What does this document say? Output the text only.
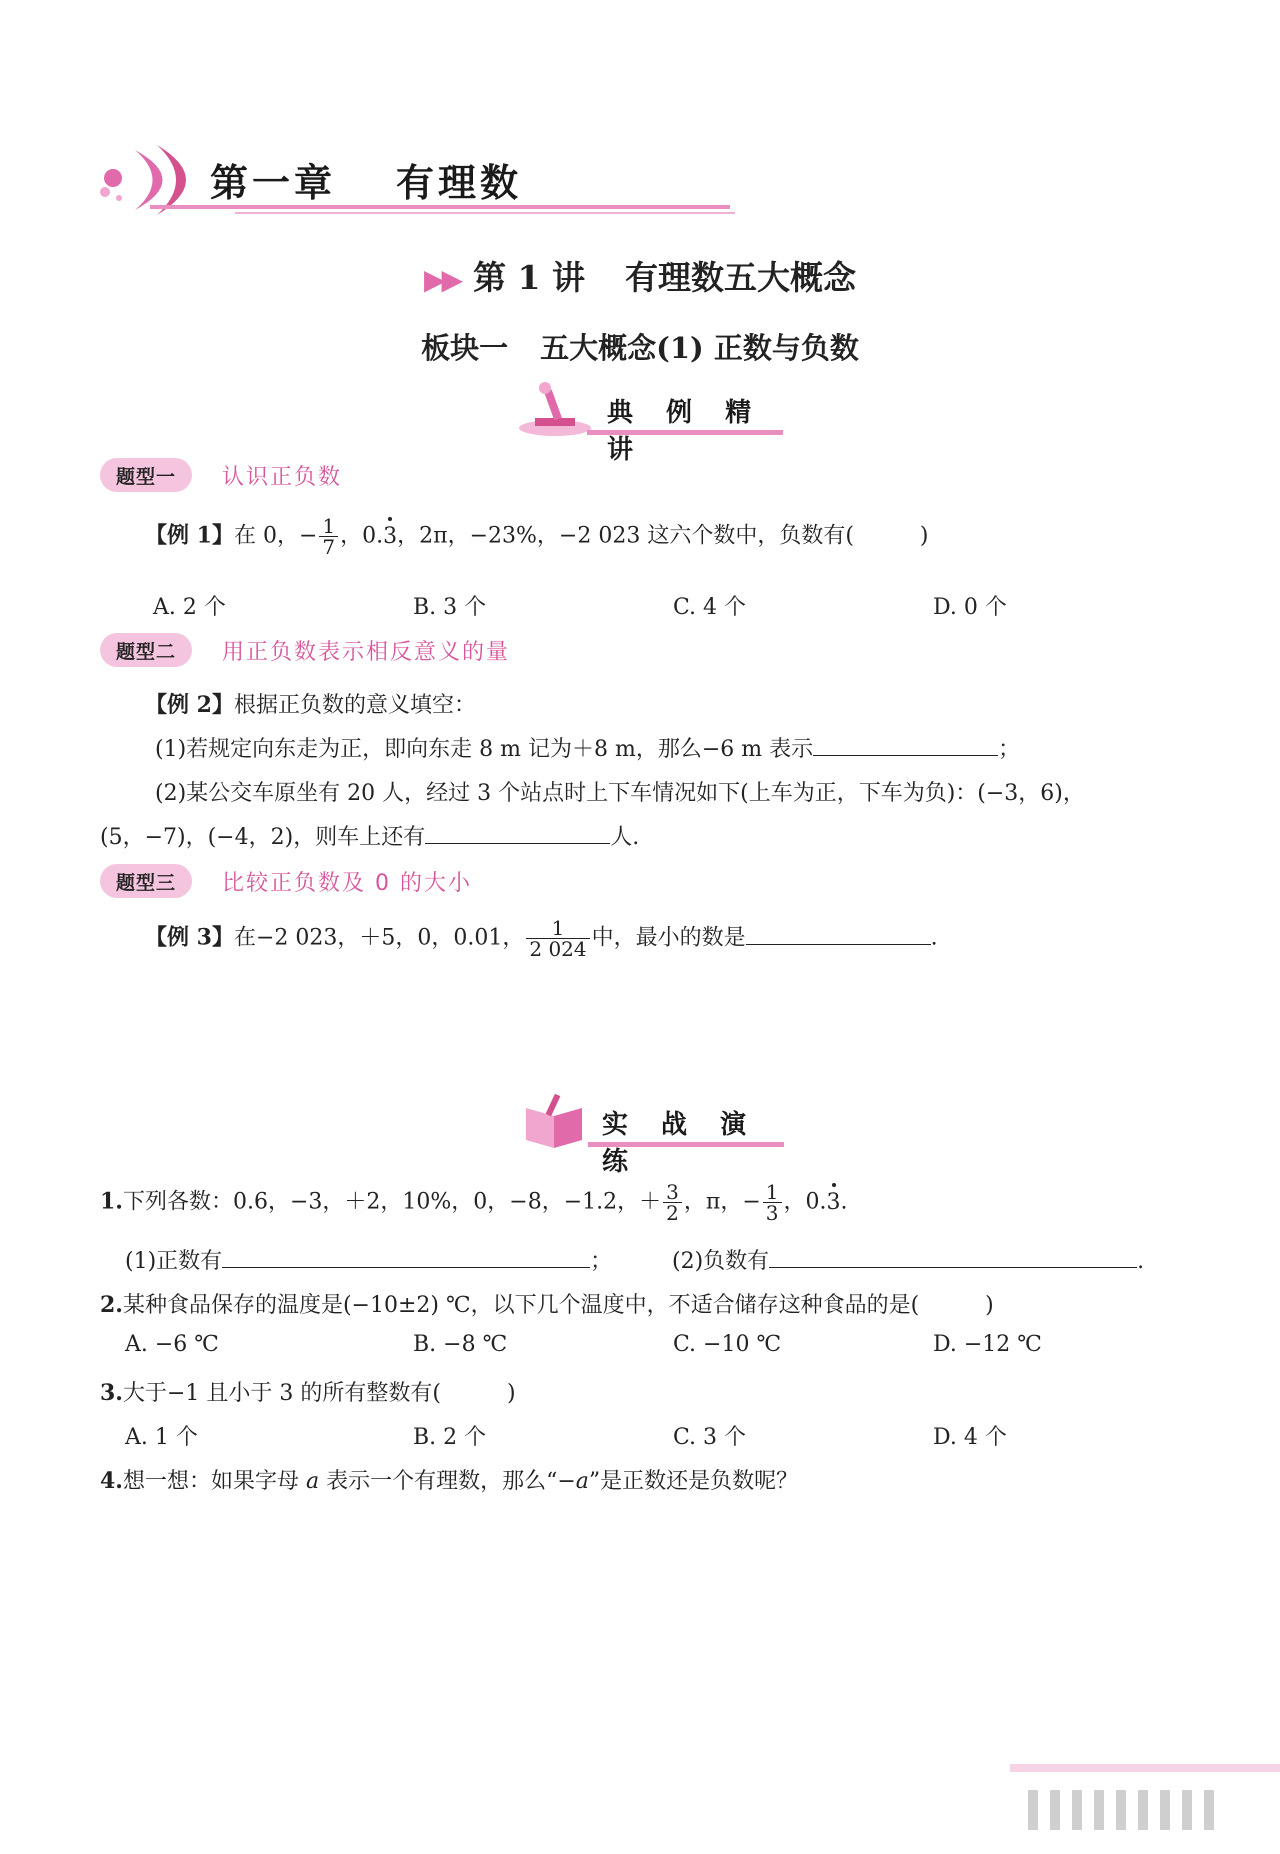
第一章 有理数
▶▶ 第 1 讲 有理数五大概念
板块一 五大概念(1) 正数与负数
典 例 精 讲
题型一	认识正负数
【例 1】在 0，− $\frac{1}{7}$ ，0.3，2π，−23%，−2 023 这六个数中，负数有(　　　)
A. 2 个	B. 3 个	C. 4 个	D. 0 个
题型二	用正负数表示相反意义的量
【例 2】根据正负数的意义填空：
(1)若规定向东走为正，即向东走 8 m 记为＋8 m，那么−6 m 表示	；
(2)某公交车原坐有 20 人，经过 3 个站点时上下车情况如下(上车为正，下车为负)：(−3，6)，
(5，−7)，(−4，2)，则车上还有	人.
题型三	比较正负数及 0 的大小
【例 3】在−2 023，＋5，0，0.01， $\frac{1}{2 024}$ 中，最小的数是	.
实 战 演 练
1.下列各数：0.6，−3，＋2，10%，0，−8，−1.2，＋ $\frac{3}{2}$ ，π，− $\frac{1}{3}$ ，0.3.
(1)正数有	；	(2)负数有	.
2.某种食品保存的温度是(−10±2) ℃，以下几个温度中，不适合储存这种食品的是(　　　)
A. −6 ℃	B. −8 ℃	C. −10 ℃	D. −12 ℃
3.大于−1 且小于 3 的所有整数有(　　　)
A. 1 个	B. 2 个	C. 3 个	D. 4 个
4.想一想：如果字母 a 表示一个有理数，那么“−a”是正数还是负数呢？
